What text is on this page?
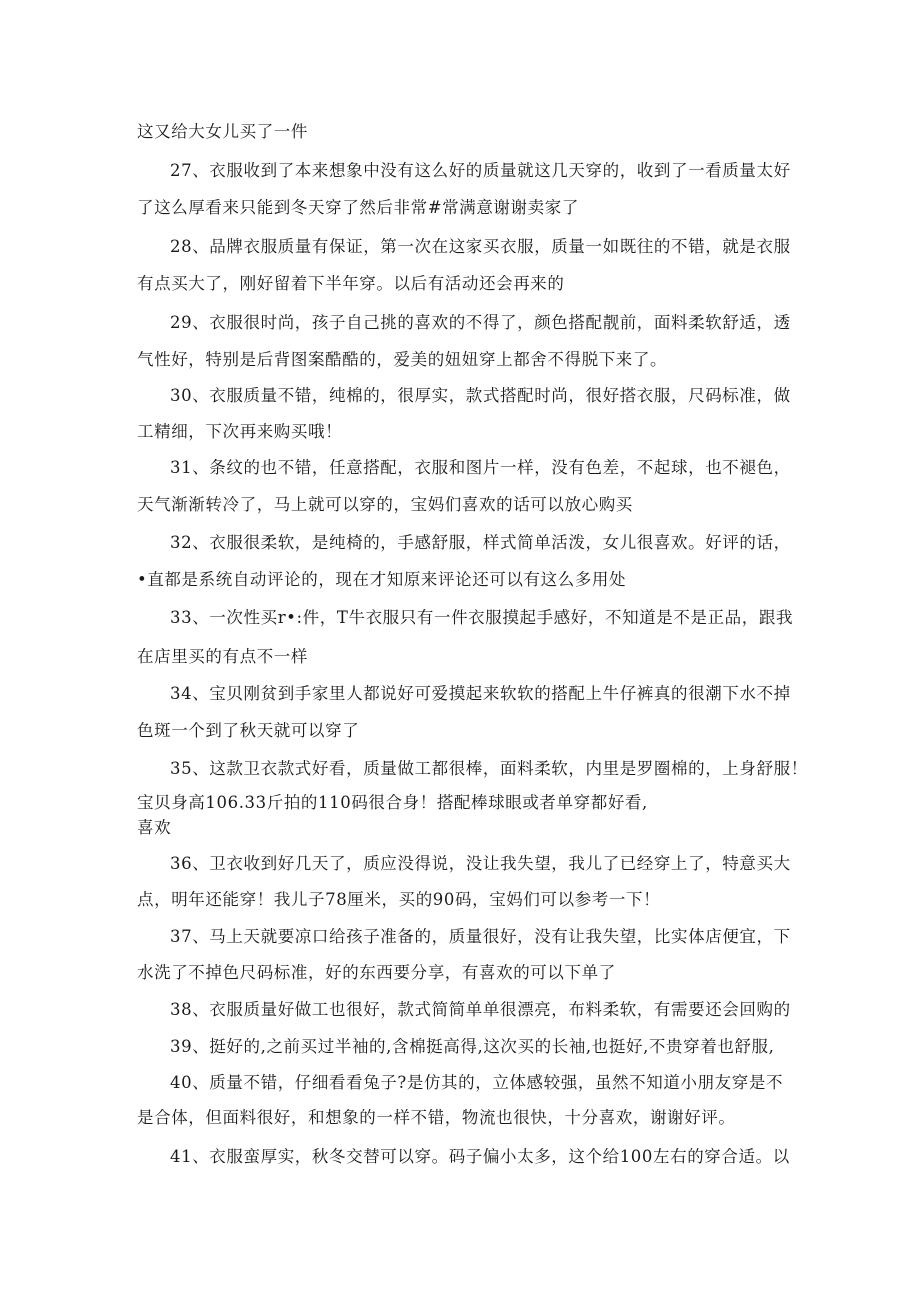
这又给大女儿买了一件
27、衣服收到了本来想象中没有这么好的质量就这几天穿的，收到了一看质量太好
了这么厚看来只能到冬天穿了然后非常#常满意谢谢卖家了
28、品牌衣服质量有保证，第一次在这家买衣服，质量一如既往的不错，就是衣服
有点买大了，刚好留着下半年穿。以后有活动还会再来的
29、衣服很时尚，孩子自己挑的喜欢的不得了，颜色搭配靓前，面料柔软舒适，透
气性好，特别是后背图案酷酷的，爱美的妞妞穿上都舍不得脱下来了。
30、衣服质量不错，纯棉的，很厚实，款式搭配时尚，很好搭衣服，尺码标准，做
工精细，下次再来购买哦！
31、条纹的也不错，任意搭配，衣服和图片一样，没有色差，不起球，也不褪色，
天气渐渐转冷了，马上就可以穿的，宝妈们喜欢的话可以放心购买
32、衣服很柔软，是纯椅的，手感舒服，样式简单活泼，女儿很喜欢。好评的话，
•直都是系统自动评论的，现在才知原来评论还可以有这么多用处
33、一次性买r•:件，T牛衣服只有一件衣服摸起手感好，不知道是不是正品，跟我
在店里买的有点不一样
34、宝贝刚贫到手家里人都说好可爱摸起来软软的搭配上牛仔裤真的很潮下水不掉
色斑一个到了秋天就可以穿了
35、这款卫衣款式好看，质量做工都很棒，面料柔软，内里是罗圈棉的，上身舒服！
宝贝身高106.33斤拍的110码很合身！搭配棒球眼或者单穿都好看,
喜欢
36、卫衣收到好几天了，质应没得说，没让我失望，我儿了已经穿上了，特意买大
点，明年还能穿！我儿子78厘米，买的90码，宝妈们可以参考一下！
37、马上天就要凉口给孩子准备的，质量很好，没有让我失望，比实体店便宜，下
水洗了不掉色尺码标准，好的东西要分享，有喜欢的可以下单了
38、衣服质量好做工也很好，款式简简单单很漂亮，布料柔软，有需要还会回购的
39、挺好的,之前买过半袖的,含棉挺高得,这次买的长袖,也挺好,不贵穿着也舒服,
40、质量不错，仔细看看兔子?是仿其的，立体感较强，虽然不知道小朋友穿是不
是合体，但面料很好，和想象的一样不错，物流也很快，十分喜欢，谢谢好评。
41、衣服蛮厚实，秋冬交替可以穿。码子偏小太多，这个给100左右的穿合适。以
